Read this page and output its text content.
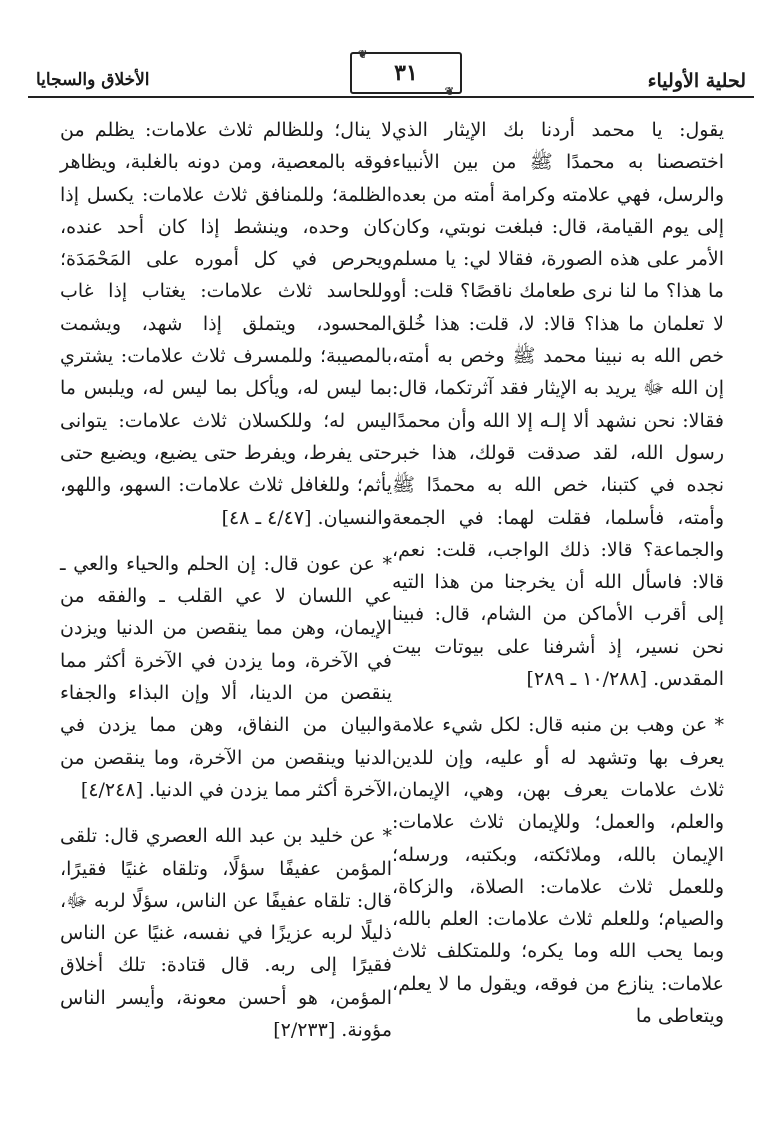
لحلية الأولياء
❦ ٣١ ❦
الأخلاق والسجايا

يقول: يا محمد أردنا بك الإيثار الذي اختصصنا به محمدًا ﷺ من بين الأنبياء والرسل، فهي علامته وكرامة أمته من بعده إلى يوم القيامة، قال: فبلغت نوبتي، وكان الأمر على هذه الصورة، فقالا لي: يا مسلم ما هذا؟ ما لنا نرى طعامك ناقصًا؟ قلت: أو لا تعلمان ما هذا؟ قالا: لا، قلت: هذا خُلق خص الله به نبينا محمد ﷺ وخص به أمته، إن الله ﷻ يريد به الإيثار فقد آثرتكما، قال: فقالا: نحن نشهد ألا إلـه إلا الله وأن محمدًا رسول الله، لقد صدقت قولك، هذا خبر نجده في كتبنا، خص الله به محمدًا ﷺ وأمته، فأسلما، فقلت لهما: في الجمعة والجماعة؟ قالا: ذلك الواجب، قلت: نعم، قالا: فاسأل الله أن يخرجنا من هذا التيه إلى أقرب الأماكن من الشام، قال: فبينا نحن نسير، إذ أشرفنا على بيوتات بيت المقدس. [١٠/٢٨٨ ـ ٢٨٩]

* عن وهب بن منبه قال: لكل شيء علامة يعرف بها وتشهد له أو عليه، وإن للدين ثلاث علامات يعرف بهن، وهي، الإيمان، والعلم، والعمل؛ وللإيمان ثلاث علامات: الإيمان بالله، وملائكته، وبكتبه، ورسله؛ وللعمل ثلاث علامات: الصلاة، والزكاة، والصيام؛ وللعلم ثلاث علامات: العلم بالله، وبما يحب الله وما يكره؛ وللمتكلف ثلاث علامات: ينازع من فوقه، ويقول ما لا يعلم، ويتعاطى ما

لا ينال؛ وللظالم ثلاث علامات: يظلم من فوقه بالمعصية، ومن دونه بالغلبة، ويظاهر الظلمة؛ وللمنافق ثلاث علامات: يكسل إذا كان وحده، وينشط إذا كان أحد عنده، ويحرص في كل أموره على المَحْمَدَة؛ وللحاسد ثلاث علامات: يغتاب إذا غاب المحسود، ويتملق إذا شهد، ويشمت بالمصيبة؛ وللمسرف ثلاث علامات: يشتري بما ليس له، ويأكل بما ليس له، ويلبس ما ليس له؛ وللكسلان ثلاث علامات: يتوانى حتى يفرط، ويفرط حتى يضيع، ويضيع حتى يأثم؛ وللغافل ثلاث علامات: السهو، واللهو، والنسيان. [٤/٤٧ ـ ٤٨]

* عن عون قال: إن الحلم والحياء والعي ـ عي اللسان لا عي القلب ـ والفقه من الإيمان، وهن مما ينقصن من الدنيا ويزدن في الآخرة، وما يزدن في الآخرة أكثر مما ينقصن من الدينا، ألا وإن البذاء والجفاء والبيان من النفاق، وهن مما يزدن في الدنيا وينقصن من الآخرة، وما ينقصن من الآخرة أكثر مما يزدن في الدنيا. [٤/٢٤٨]

* عن خليد بن عبد الله العصري قال: تلقى المؤمن عفيفًا سؤلًا، وتلقاه غنيًا فقيرًا، قال: تلقاه عفيفًا عن الناس، سؤلًا لربه ﷻ، ذليلًا لربه عزيزًا في نفسه، غنيًا عن الناس فقيرًا إلى ربه. قال قتادة: تلك أخلاق المؤمن، هو أحسن معونة، وأيسر الناس مؤونة. [٢/٢٣٣]
